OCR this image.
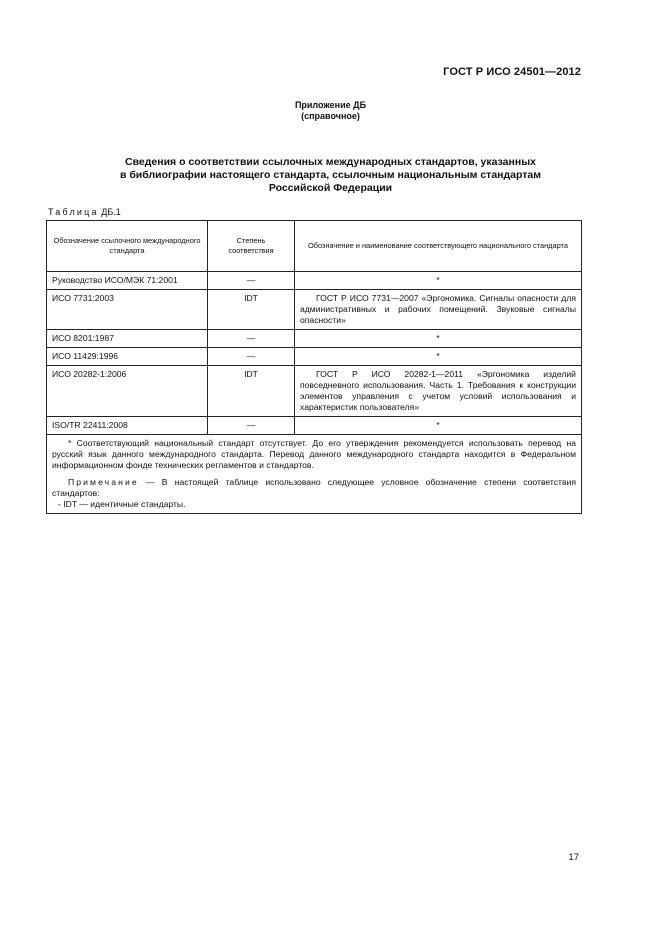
ГОСТ Р ИСО 24501—2012
Приложение ДБ
(справочное)
Сведения о соответствии ссылочных международных стандартов, указанных
в библиографии настоящего стандарта, ссылочным национальным стандартам
Российской Федерации
Таблица ДБ.1
Обозначение ссылочного международного стандарта	Степень соответствия	Обозначение и наименование соответствующего национального стандарта
Руководство ИСО/МЭК 71:2001	—	*
ИСО 7731:2003	IDT	ГОСТ Р ИСО 7731—2007 «Эргономика. Сигналы опасности для административных и рабочих помещений. Звуковые сигналы опасности»
ИСО 8201:1987	—	*
ИСО 11429:1996	—	*
ИСО 20282-1:2006	IDT	ГОСТ Р ИСО 20282-1—2011 «Эргономика изделий повседневного использования. Часть 1. Требования к конструкции элементов управления с учетом условий использования и характеристик пользователя»
ISO/TR 22411:2008	—	*

* Соответствующий национальный стандарт отсутствует. До его утверждения рекомендуется использовать перевод на русский язык данного международного стандарта. Перевод данного международного стандарта находится в Федеральном информационном фонде технических регламентов и стандартов.

Примечание — В настоящей таблице использовано следующее условное обозначение степени соответствия стандартов:

- IDT — идентичные стандарты.		

17
